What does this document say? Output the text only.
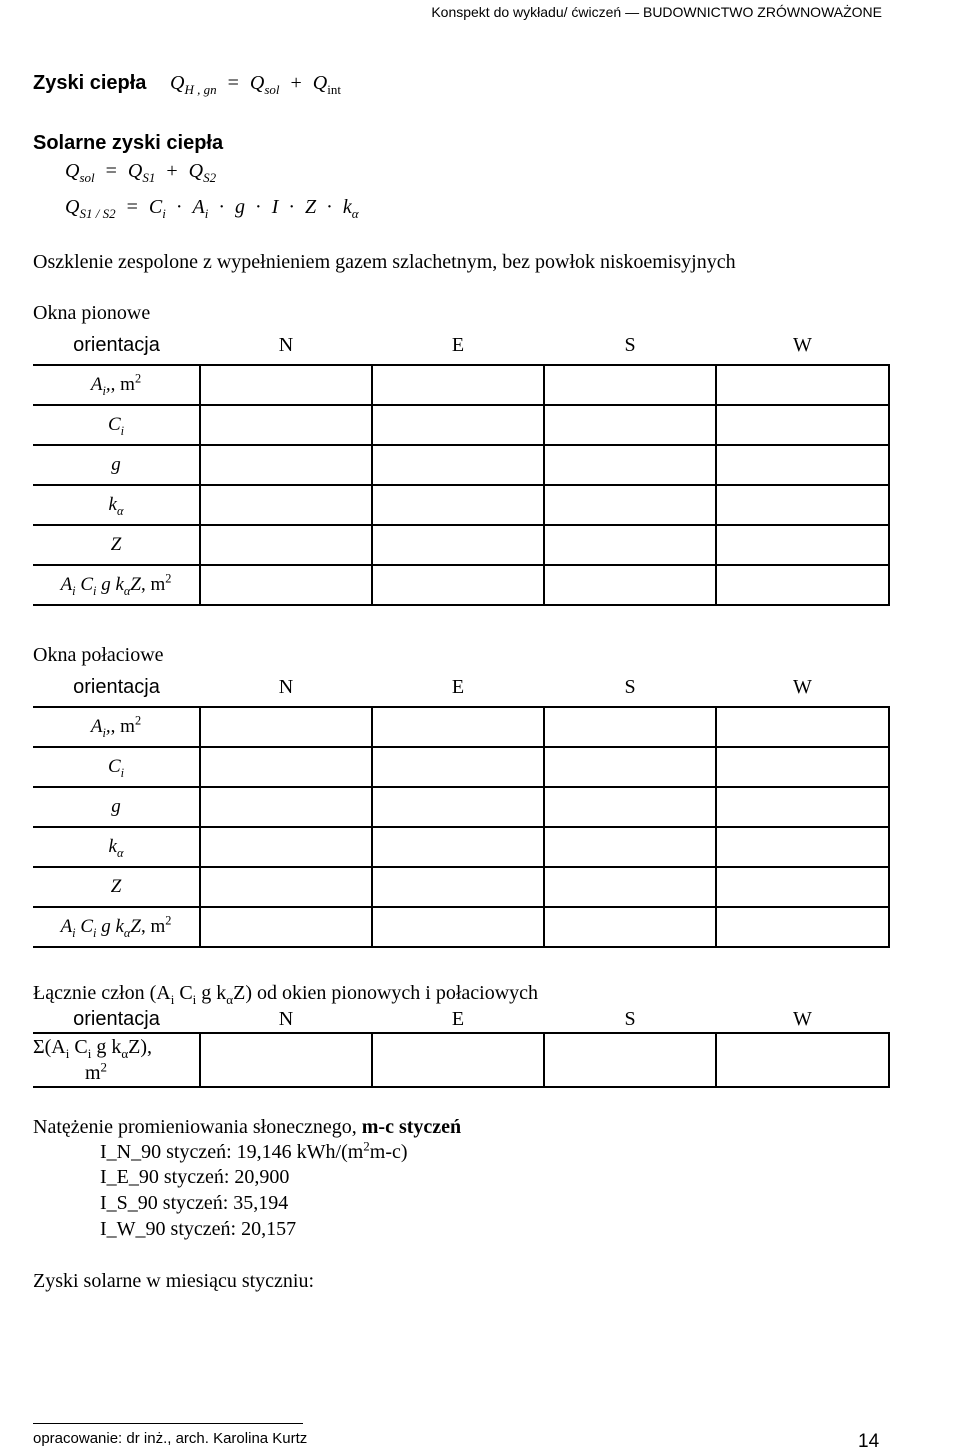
Konspekt do wykładu/ ćwiczeń — BUDOWNICTWO ZRÓWNOWAŻONE
Zyski ciepła $Q_{H , gn} = Q_{sol} + Q_{int}$
Solarne zyski ciepła
$Q_{sol} = Q_{S1} + Q_{S2}$
$Q_{S1 / S2} = C_i \cdot A_i \cdot g \cdot I \cdot Z \cdot k_\alpha$
Oszklenie zespolone z wypełnieniem gazem szlachetnym, bez powłok niskoemisyjnych
Okna pionowe
orientacja	N	E	S	W
$A_i$,, $m^2$				
$C_i$				
g				
$k_\alpha$				
Z				
$A_i$ $C_i$ g $k_\alpha Z$, $m^2$				
Okna połaciowe
orientacja	N	E	S	W
$A_i$,, $m^2$				
$C_i$				
g				
$k_\alpha$				
Z				
$A_i$ $C_i$ g $k_\alpha Z$, $m^2$				
Łącznie człon ($A_i$ $C_i$ g $k_\alpha Z$) od okien pionowych i połaciowych
orientacja	N	E	S	W

$\Sigma(A_i$ $C_i$ g $k_\alpha Z$),
$m^2$

Natężenie promieniowania słonecznego, m-c styczeń
I_N_90 styczeń: 19,146 kWh/$(m^2m-c)$
I_E_90 styczeń: 20,900
I_S_90 styczeń: 35,194
I_W_90 styczeń: 20,157
Zyski solarne w miesiącu styczniu:
opracowanie: dr inż., arch. Karolina Kurtz	14
